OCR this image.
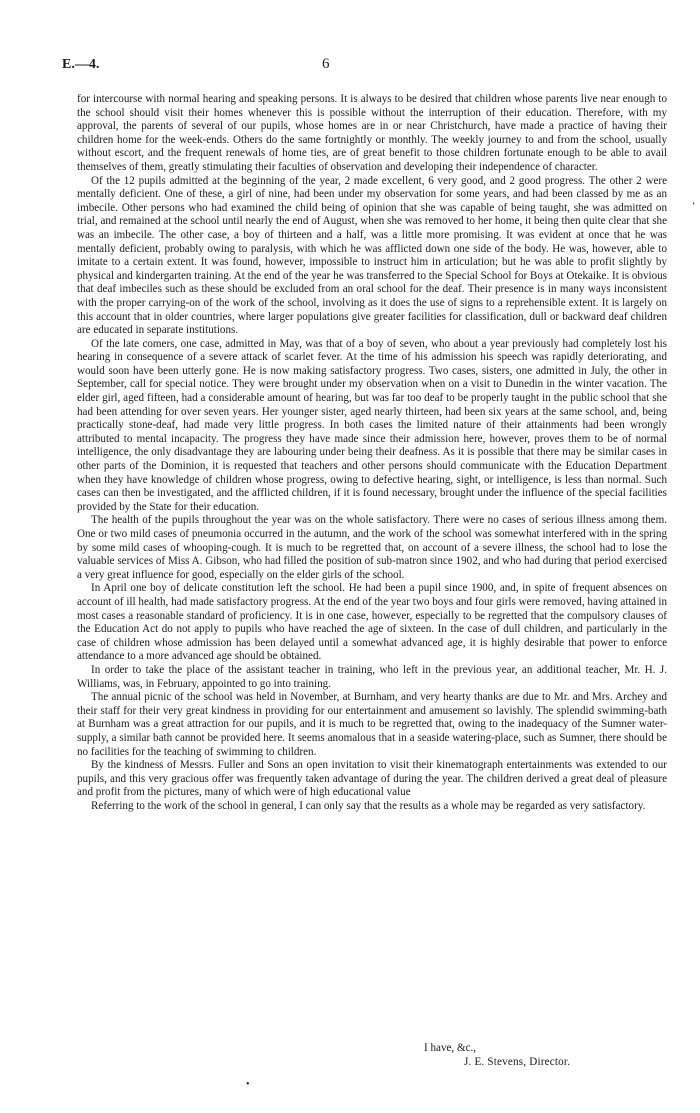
E.—4.	6

for intercourse with normal hearing and speaking persons. It is always to be desired that children whose parents live near enough to the school should visit their homes whenever this is possible without the interruption of their education. Therefore, with my approval, the parents of several of our pupils, whose homes are in or near Christchurch, have made a practice of having their children home for the week-ends. Others do the same fortnightly or monthly. The weekly journey to and from the school, usually without escort, and the frequent renewals of home ties, are of great benefit to those children fortunate enough to be able to avail themselves of them, greatly stimulating their faculties of observation and developing their independence of character.

Of the 12 pupils admitted at the beginning of the year, 2 made excellent, 6 very good, and 2 good progress. The other 2 were mentally deficient. One of these, a girl of nine, had been under my observation for some years, and had been classed by me as an imbecile. Other persons who had examined the child being of opinion that she was capable of being taught, she was admitted on trial, and remained at the school until nearly the end of August, when she was removed to her home, it being then quite clear that she was an imbecile. The other case, a boy of thirteen and a half, was a little more promising. It was evident at once that he was mentally deficient, probably owing to paralysis, with which he was afflicted down one side of the body. He was, however, able to imitate to a certain extent. It was found, however, impossible to instruct him in articulation; but he was able to profit slightly by physical and kindergarten training. At the end of the year he was transferred to the Special School for Boys at Otekaike. It is obvious that deaf imbeciles such as these should be excluded from an oral school for the deaf. Their presence is in many ways inconsistent with the proper carrying-on of the work of the school, involving as it does the use of signs to a reprehensible extent. It is largely on this account that in older countries, where larger populations give greater facilities for classification, dull or backward deaf children are educated in separate institutions.

Of the late comers, one case, admitted in May, was that of a boy of seven, who about a year previously had completely lost his hearing in consequence of a severe attack of scarlet fever. At the time of his admission his speech was rapidly deteriorating, and would soon have been utterly gone. He is now making satisfactory progress. Two cases, sisters, one admitted in July, the other in September, call for special notice. They were brought under my observation when on a visit to Dunedin in the winter vacation. The elder girl, aged fifteen, had a considerable amount of hearing, but was far too deaf to be properly taught in the public school that she had been attending for over seven years. Her younger sister, aged nearly thirteen, had been six years at the same school, and, being practically stone-deaf, had made very little progress. In both cases the limited nature of their attainments had been wrongly attributed to mental incapacity. The progress they have made since their admission here, however, proves them to be of normal intelligence, the only disadvantage they are labouring under being their deafness. As it is possible that there may be similar cases in other parts of the Dominion, it is requested that teachers and other persons should communicate with the Education Department when they have knowledge of children whose progress, owing to defective hearing, sight, or intelligence, is less than normal. Such cases can then be investigated, and the afflicted children, if it is found necessary, brought under the influence of the special facilities provided by the State for their education.

The health of the pupils throughout the year was on the whole satisfactory. There were no cases of serious illness among them. One or two mild cases of pneumonia occurred in the autumn, and the work of the school was somewhat interfered with in the spring by some mild cases of whooping-cough. It is much to be regretted that, on account of a severe illness, the school had to lose the valuable services of Miss A. Gibson, who had filled the position of sub-matron since 1902, and who had during that period exercised a very great influence for good, especially on the elder girls of the school.

In April one boy of delicate constitution left the school. He had been a pupil since 1900, and, in spite of frequent absences on account of ill health, had made satisfactory progress. At the end of the year two boys and four girls were removed, having attained in most cases a reasonable standard of proficiency. It is in one case, however, especially to be regretted that the compulsory clauses of the Education Act do not apply to pupils who have reached the age of sixteen. In the case of dull children, and particularly in the case of children whose admission has been delayed until a somewhat advanced age, it is highly desirable that power to enforce attendance to a more advanced age should be obtained.

In order to take the place of the assistant teacher in training, who left in the previous year, an additional teacher, Mr. H. J. Williams, was, in February, appointed to go into training.

The annual picnic of the school was held in November, at Burnham, and very hearty thanks are due to Mr. and Mrs. Archey and their staff for their very great kindness in providing for our entertainment and amusement so lavishly. The splendid swimming-bath at Burnham was a great attraction for our pupils, and it is much to be regretted that, owing to the inadequacy of the Sumner water-supply, a similar bath cannot be provided here. It seems anomalous that in a seaside watering-place, such as Sumner, there should be no facilities for the teaching of swimming to children.

By the kindness of Messrs. Fuller and Sons an open invitation to visit their kinematograph entertainments was extended to our pupils, and this very gracious offer was frequently taken advantage of during the year. The children derived a great deal of pleasure and profit from the pictures, many of which were of high educational value

Referring to the work of the school in general, I can only say that the results as a whole may be regarded as very satisfactory.

I have, &c.,
J. E. Stevens, Director.
‘
•
